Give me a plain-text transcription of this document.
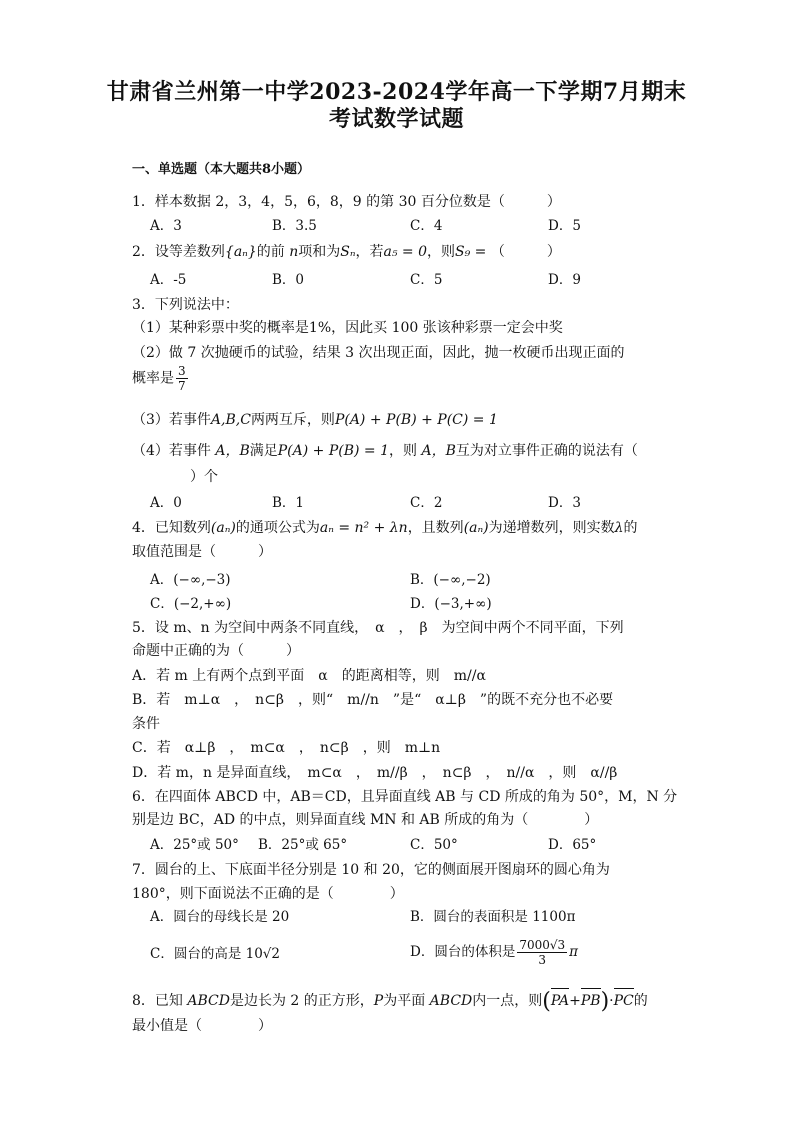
甘肃省兰州第一中学2023-2024学年高一下学期7月期末
考试数学试题
一、单选题（本大题共8小题）
1．样本数据 2，3，4，5，6，8，9 的第 30 百分位数是（　　　）
A．3	B．3.5	C．4	D．5
2．设等差数列{aₙ}的前 n项和为Sₙ，若a₅ = 0，则S₉ = （　　　）
A．-5	B．0	C．5	D．9
3．下列说法中：
（1）某种彩票中奖的概率是1%，因此买 100 张该种彩票一定会中奖
（2）做 7 次抛硬币的试验，结果 3 次出现正面，因此，抛一枚硬币出现正面的
概率是 $\frac{3}{7}$
（3）若事件A,B,C两两互斥，则P(A) + P(B) + P(C) = 1
（4）若事件 A，B满足P(A) + P(B) = 1，则 A，B互为对立事件正确的说法有（
）个
A．0	B．1	C．2	D．3
4．已知数列(aₙ)的通项公式为aₙ = n² + λn，且数列(aₙ)为递增数列，则实数λ的
取值范围是（　　　）
A．(−∞,−3)	B．(−∞,−2)
C．(−2,+∞)	D．(−3,+∞)
5．设 m、n 为空间中两条不同直线，　α　，　β　为空间中两个不同平面，下列
命题中正确的为（　　　）
A．若 m 上有两个点到平面　α　的距离相等，则　m//α
B．若　m⊥α　，　n⊂β　，则“　m//n　”是“　α⊥β　”的既不充分也不必要
条件
C．若　α⊥β　，　m⊂α　，　n⊂β　，则　m⊥n
D．若 m，n 是异面直线，　m⊂α　，　m//β　，　n⊂β　，　n//α　，则　α//β
6．在四面体 ABCD 中，AB＝CD，且异面直线 AB 与 CD 所成的角为 50°，M，N 分
别是边 BC，AD 的中点，则异面直线 MN 和 AB 所成的角为（　　　　）
A．25°或 50° B．25°或 65°	C．50°	D．65°
7．圆台的上、下底面半径分别是 10 和 20，它的侧面展开图扇环的圆心角为
180°，则下面说法不正确的是（　　　　）
A．圆台的母线长是 20	B．圆台的表面积是 1100π
C．圆台的高是 10√2	D．圆台的体积是 $\frac{7000√3}{3}$ π
8．已知 ABCD是边长为 2 的正方形，P为平面 ABCD内一点，则(PA+PB)·PC的
最小值是（　　　　）
